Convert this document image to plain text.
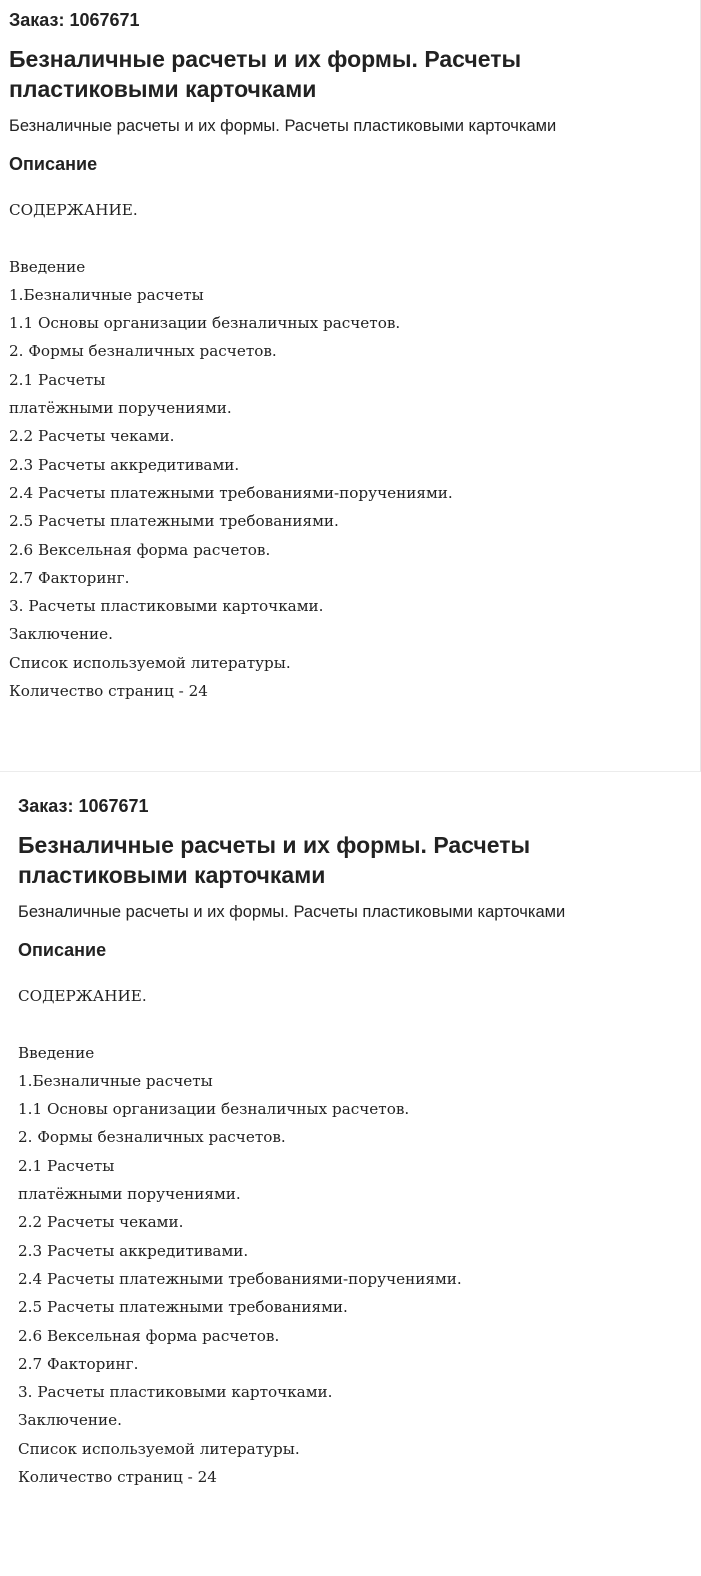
Заказ: 1067671
Безналичные расчеты и их формы. Расчеты пластиковыми карточками
Безналичные расчеты и их формы. Расчеты пластиковыми карточками
Описание
СОДЕРЖАНИЕ.
Введение
1.Безналичные расчеты
1.1 Основы организации безналичных расчетов.
2. Формы безналичных расчетов.
2.1 Расчеты
платёжными поручениями.
2.2 Расчеты чеками.
2.3 Расчеты аккредитивами.
2.4 Расчеты платежными требованиями-поручениями.
2.5 Расчеты платежными требованиями.
2.6 Вексельная форма расчетов.
2.7 Факторинг.
3. Расчеты пластиковыми карточками.
Заключение.
Список используемой литературы.
Количество страниц - 24
Заказ: 1067671
Безналичные расчеты и их формы. Расчеты пластиковыми карточками
Безналичные расчеты и их формы. Расчеты пластиковыми карточками
Описание
СОДЕРЖАНИЕ.
Введение
1.Безналичные расчеты
1.1 Основы организации безналичных расчетов.
2. Формы безналичных расчетов.
2.1 Расчеты
платёжными поручениями.
2.2 Расчеты чеками.
2.3 Расчеты аккредитивами.
2.4 Расчеты платежными требованиями-поручениями.
2.5 Расчеты платежными требованиями.
2.6 Вексельная форма расчетов.
2.7 Факторинг.
3. Расчеты пластиковыми карточками.
Заключение.
Список используемой литературы.
Количество страниц - 24
